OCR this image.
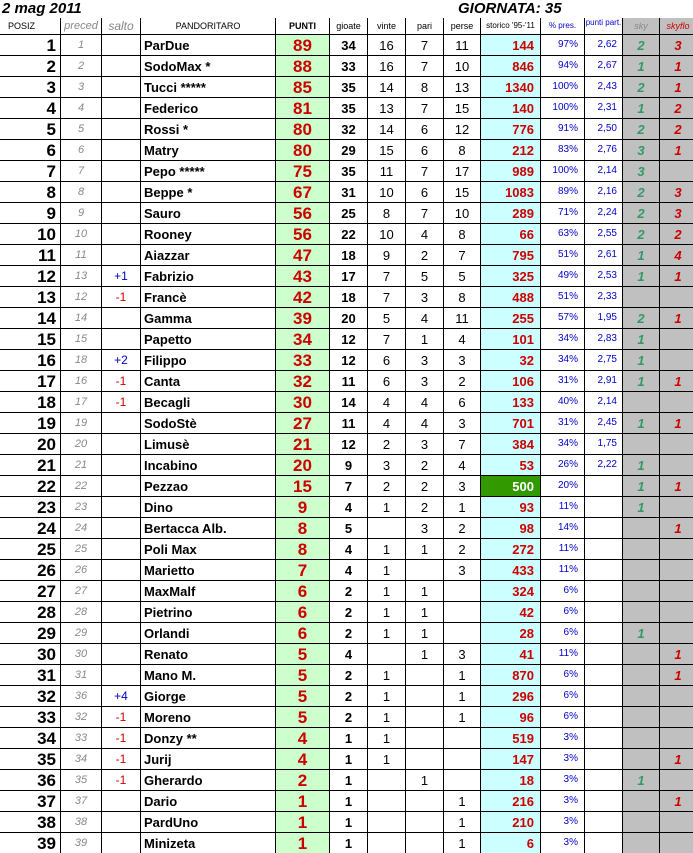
2 mag 2011	GIORNATA: 35
POSIZ	preced	salto	PANDORITARO	PUNTI	gioate	vinte	pari	perse	storico '95-'11	% pres.	punti part.	sky	skyflo
1	1		ParDue	89	34	16	7	11	144	97%	2,62	2	3
2	2		SodoMax *	88	33	16	7	10	846	94%	2,67	1	1
3	3		Tucci *****	85	35	14	8	13	1340	100%	2,43	2	1
4	4		Federico	81	35	13	7	15	140	100%	2,31	1	2
5	5		Rossi *	80	32	14	6	12	776	91%	2,50	2	2
6	6		Matry	80	29	15	6	8	212	83%	2,76	3	1
7	7		Pepo *****	75	35	11	7	17	989	100%	2,14	3	
8	8		Beppe *	67	31	10	6	15	1083	89%	2,16	2	3
9	9		Sauro	56	25	8	7	10	289	71%	2,24	2	3
10	10		Rooney	56	22	10	4	8	66	63%	2,55	2	2
11	11		Aiazzar	47	18	9	2	7	795	51%	2,61	1	4
12	13	+1	Fabrizio	43	17	7	5	5	325	49%	2,53	1	1
13	12	-1	Francè	42	18	7	3	8	488	51%	2,33		
14	14		Gamma	39	20	5	4	11	255	57%	1,95	2	1
15	15		Papetto	34	12	7	1	4	101	34%	2,83	1	
16	18	+2	Filippo	33	12	6	3	3	32	34%	2,75	1	
17	16	-1	Canta	32	11	6	3	2	106	31%	2,91	1	1
18	17	-1	Becagli	30	14	4	4	6	133	40%	2,14		
19	19		SodoStè	27	11	4	4	3	701	31%	2,45	1	1
20	20		Limusè	21	12	2	3	7	384	34%	1,75		
21	21		Incabino	20	9	3	2	4	53	26%	2,22	1	
22	22		Pezzao	15	7	2	2	3	500	20%		1	1
23	23		Dino	9	4	1	2	1	93	11%		1	
24	24		Bertacca Alb.	8	5		3	2	98	14%			1
25	25		Poli Max	8	4	1	1	2	272	11%			
26	26		Marietto	7	4	1		3	433	11%			
27	27		MaxMalf	6	2	1	1		324	6%			
28	28		Pietrino	6	2	1	1		42	6%			
29	29		Orlandi	6	2	1	1		28	6%		1	
30	30		Renato	5	4		1	3	41	11%			1
31	31		Mano M.	5	2	1		1	870	6%			1
32	36	+4	Giorge	5	2	1		1	296	6%			
33	32	-1	Moreno	5	2	1		1	96	6%			
34	33	-1	Donzy **	4	1	1			519	3%			
35	34	-1	Jurij	4	1	1			147	3%			1
36	35	-1	Gherardo	2	1		1		18	3%		1	
37	37		Dario	1	1			1	216	3%			1
38	38		PardUno	1	1			1	210	3%			
39	39		Minizeta	1	1			1	6	3%			
